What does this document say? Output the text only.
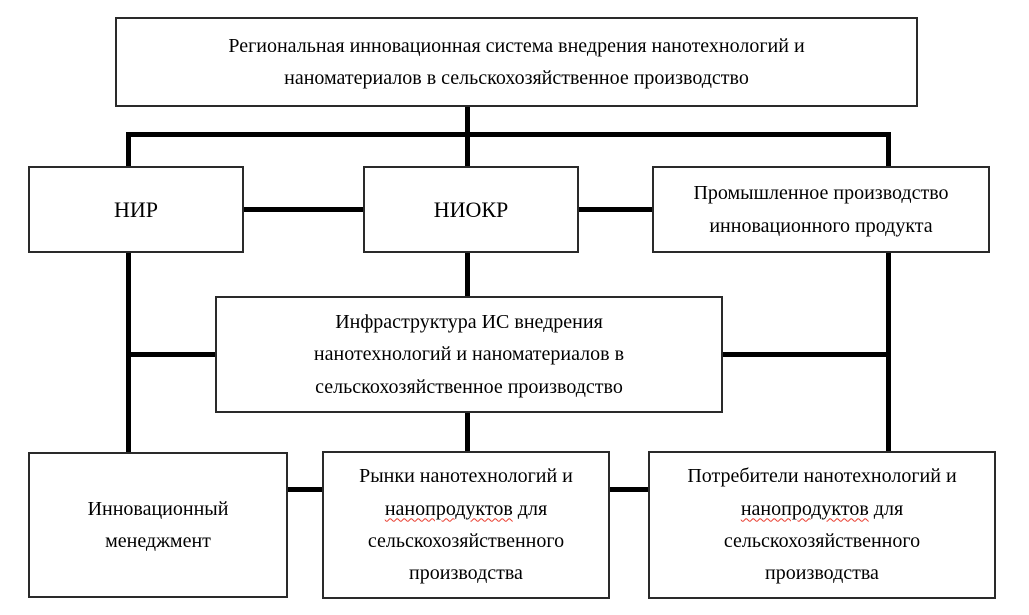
Региональная инновационная система внедрения нанотехнологий и наноматериалов в сельскохозяйственное производство
НИР	НИОКР
Промышленное производство инновационного продукта
Инфраструктура ИС внедрения нанотехнологий и наноматериалов в сельскохозяйственное производство
Инновационный менеджмент
Рынки нанотехнологий и нанопродуктов для сельскохозяйственного производства
Потребители нанотехнологий и нанопродуктов для сельскохозяйственного производства
